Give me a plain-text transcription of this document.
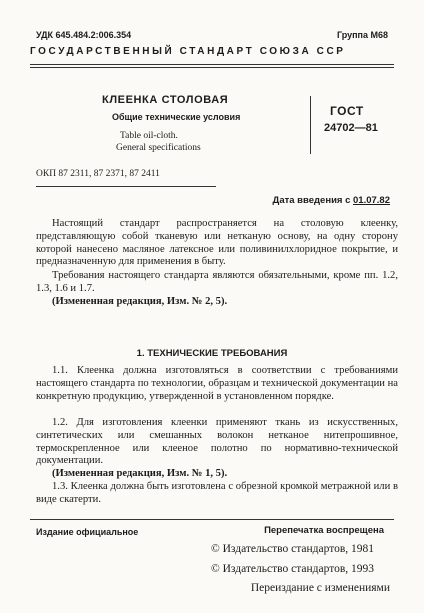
УДК 645.484.2:006.354	Группа М68
ГОСУДАРСТВЕННЫЙ СТАНДАРТ СОЮЗА ССР
КЛЕЕНКА СТОЛОВАЯ
Общие технические условия
Table oil-cloth.
General specifications
ГОСТ
24702—81
ОКП 87 2311, 87 2371, 87 2411
Дата введения с 01.07.82
Настоящий стандарт распространяется на столовую клеенку, представляющую собой тканевую или нетканую основу, на одну сторону которой нанесено масляное латексное или поливинилхлоридное покрытие, и предназначенную для применения в быту.
Требования настоящего стандарта являются обязательными, кроме пп. 1.2, 1.3, 1.6 и 1.7.
(Измененная редакция, Изм. № 2, 5).
1. ТЕХНИЧЕСКИЕ ТРЕБОВАНИЯ
1.1. Клеенка должна изготовляться в соответствии с требованиями настоящего стандарта по технологии, образцам и технической документации на конкретную продукцию, утвержденной в установленном порядке.
1.2. Для изготовления клеенки применяют ткань из искусственных, синтетических или смешанных волокон нетканое нитепрошивное, термоскрепленное или клееное полотно по нормативно-технической документации.
(Измененная редакция, Изм. № 1, 5).
1.3. Клеенка должна быть изготовлена с обрезной кромкой метражной или в виде скатерти.
Издание официальное	Перепечатка воспрещена
© Издательство стандартов, 1981
© Издательство стандартов, 1993
Переиздание с изменениями
